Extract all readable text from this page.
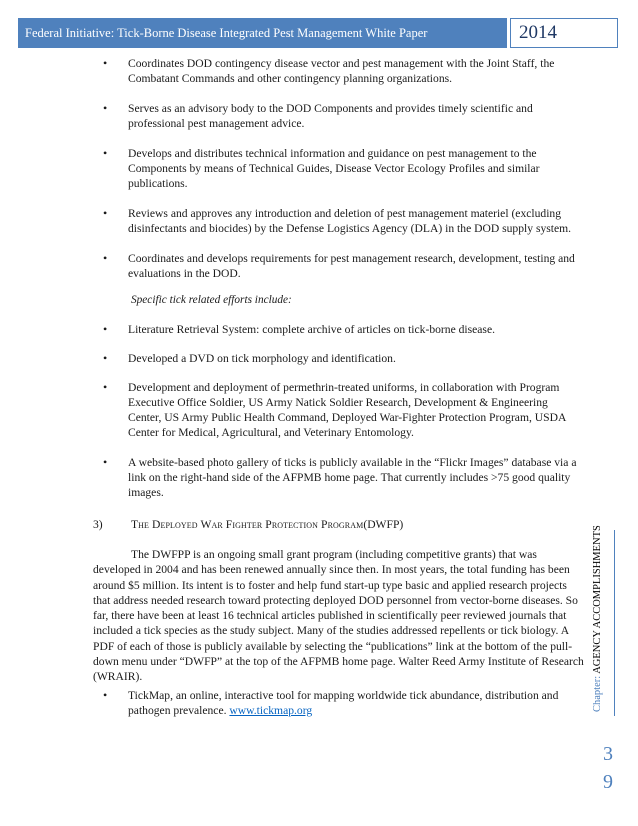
Federal Initiative: Tick-Borne Disease Integrated Pest Management White Paper	2014
• Coordinates DOD contingency disease vector and pest management with the Joint Staff, the Combatant Commands and other contingency planning organizations.
• Serves as an advisory body to the DOD Components and provides timely scientific and professional pest management advice.
• Develops and distributes technical information and guidance on pest management to the Components by means of Technical Guides, Disease Vector Ecology Profiles and similar publications.
• Reviews and approves any introduction and deletion of pest management materiel (excluding disinfectants and biocides) by the Defense Logistics Agency (DLA) in the DOD supply system.
• Coordinates and develops requirements for pest management research, development, testing and evaluations in the DOD.
Specific tick related efforts include:
• Literature Retrieval System: complete archive of articles on tick-borne disease.
• Developed a DVD on tick morphology and identification.
• Development and deployment of permethrin-treated uniforms, in collaboration with Program Executive Office Soldier, US Army Natick Soldier Research, Development & Engineering Center, US Army Public Health Command, Deployed War-Fighter Protection Program, USDA Center for Medical, Agricultural, and Veterinary Entomology.
• A website-based photo gallery of ticks is publicly available in the “Flickr Images” database via a link on the right-hand side of the AFPMB home page. That currently includes >75 good quality images.
3)	The Deployed War Fighter Protection Program(DWFP)

The DWFPP is an ongoing small grant program (including competitive grants) that was developed in 2004 and has been renewed annually since then. In most years, the total funding has been around $5 million. Its intent is to foster and help fund start-up type basic and applied research projects that address needed research toward protecting deployed DOD personnel from vector-borne diseases. So far, there have been at least 16 technical articles published in scientifically peer reviewed journals that included a tick species as the study subject. Many of the studies addressed repellents or tick biology. A PDF of each of those is publicly available by selecting the “publications” link at the bottom of the pull-down menu under “DWFP” at the top of the AFPMB home page. Walter Reed Army Institute of Research (WRAIR).

• TickMap, an online, interactive tool for mapping worldwide tick abundance, distribution and pathogen prevalence. www.tickmap.org	Chapter: AGENCY ACCOMPLISHMENTS
3
9
